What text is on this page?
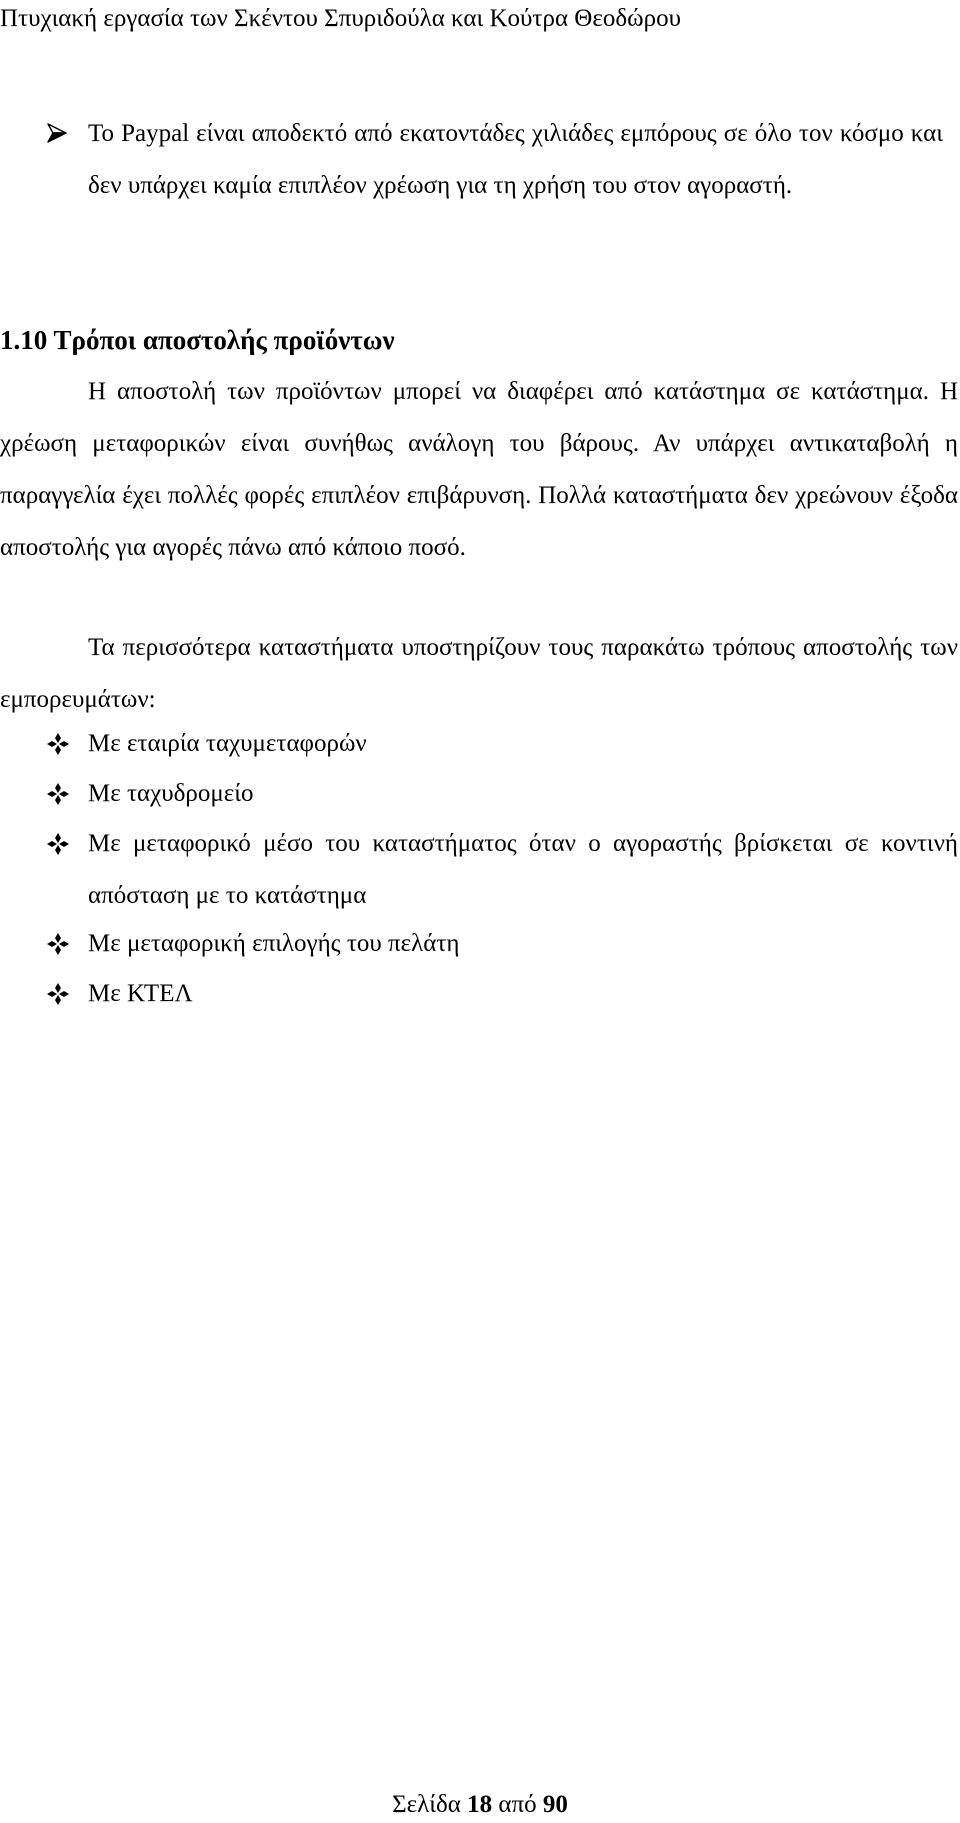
Πτυχιακή εργασία των Σκέντου Σπυριδούλα και Κούτρα Θεοδώρου
Το Paypal είναι αποδεκτό από εκατοντάδες χιλιάδες εμπόρους σε όλο τον κόσμο και δεν υπάρχει καμία επιπλέον χρέωση για τη χρήση του στον αγοραστή.
1.10 Τρόποι αποστολής προϊόντων

Η αποστολή των προϊόντων μπορεί να διαφέρει από κατάστημα σε κατάστημα. Η χρέωση μεταφορικών είναι συνήθως ανάλογη του βάρους. Αν υπάρχει αντικαταβολή η παραγγελία έχει πολλές φορές επιπλέον επιβάρυνση. Πολλά καταστήματα δεν χρεώνουν έξοδα αποστολής για αγορές πάνω από κάποιο ποσό.

Τα περισσότερα καταστήματα υποστηρίζουν τους παρακάτω τρόπους αποστολής των εμπορευμάτων:

Με εταιρία ταχυμεταφορών
Με ταχυδρομείο
Με μεταφορικό μέσο του καταστήματος όταν ο αγοραστής βρίσκεται σε κοντινή απόσταση με το κατάστημα
Με μεταφορική επιλογής του πελάτη
Με ΚΤΕΛ
Σελίδα 18 από 90
